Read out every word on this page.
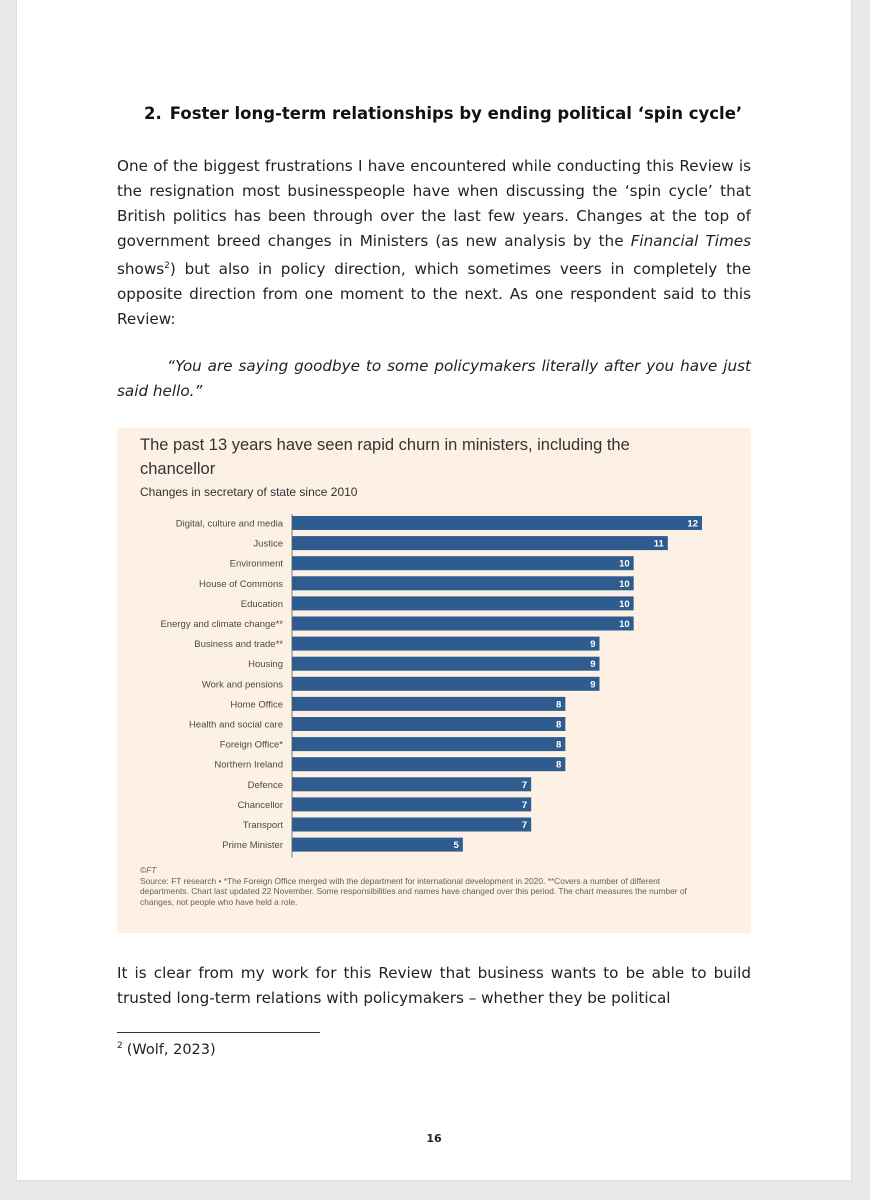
2. Foster long-term relationships by ending political ‘spin cycle’

One of the biggest frustrations I have encountered while conducting this Review is the resignation most businesspeople have when discussing the ‘spin cycle’ that British politics has been through over the last few years. Changes at the top of government breed changes in Ministers (as new analysis by the Financial Times shows$^2$) but also in policy direction, which sometimes veers in completely the opposite direction from one moment to the next. As one respondent said to this Review:

“You are saying goodbye to some policymakers literally after you have just said hello.”

The past 13 years have seen rapid churn in ministers, including the chancellor

Changes in secretary of state since 2010
Digital, culture and media	12
Justice	11
Environment	10
House of Commons	10
Education	10
Energy and climate change**	10
Business and trade**	9
Housing	9
Work and pensions	9
Home Office	8
Health and social care	8
Foreign Office*	8
Northern Ireland	8
Defence	7
Chancellor	7
Transport	7
Prime Minister	5
©FT
Source: FT research • *The Foreign Office merged with the department for international development in 2020. **Covers a number of different departments. Chart last updated 22 November. Some responsibilities and names have changed over this period. The chart measures the number of changes, not people who have held a role.

It is clear from my work for this Review that business wants to be able to build trusted long-term relations with policymakers – whether they be political

$^2$ (Wolf, 2023)
16
